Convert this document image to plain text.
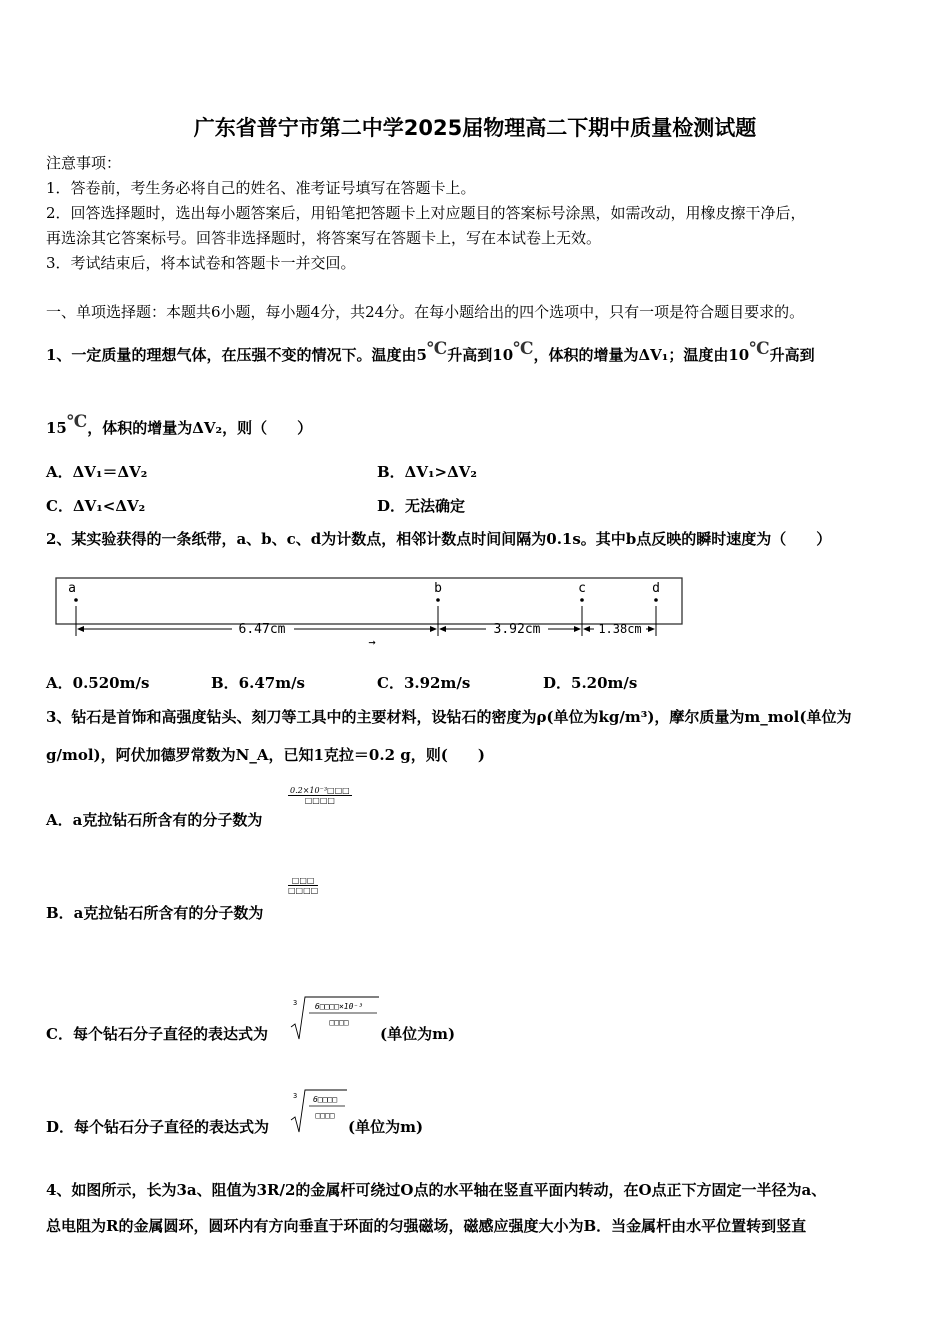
广东省普宁市第二中学2025届物理高二下期中质量检测试题
注意事项：
1．答卷前，考生务必将自己的姓名、准考证号填写在答题卡上。
2．回答选择题时，选出每小题答案后，用铅笔把答题卡上对应题目的答案标号涂黑，如需改动，用橡皮擦干净后，
再选涂其它答案标号。回答非选择题时，将答案写在答题卡上，写在本试卷上无效。
3．考试结束后，将本试卷和答题卡一并交回。
一、单项选择题：本题共6小题，每小题4分，共24分。在每小题给出的四个选项中，只有一项是符合题目要求的。
1、一定质量的理想气体，在压强不变的情况下。温度由5℃升高到10℃，体积的增量为ΔV₁；温度由10℃升高到
15℃，体积的增量为ΔV₂，则（　　）
A．ΔV₁＝ΔV₂	B．ΔV₁>ΔV₂
C．ΔV₁<ΔV₂	D．无法确定
2、某实验获得的一条纸带，a、b、c、d为计数点，相邻计数点时间间隔为0.1s。其中b点反映的瞬时速度为（　　）
a	b	c	d
6.47cm	3.92cm	1.38cm
→
A．0.520m/s	B．6.47m/s	C．3.92m/s	D．5.20m/s
3、钻石是首饰和高强度钻头、刻刀等工具中的主要材料，设钻石的密度为ρ(单位为kg/m³)，摩尔质量为m_mol(单位为
g/mol)，阿伏加德罗常数为N_A，已知1克拉＝0.2 g，则(　　)
A．a克拉钻石所含有的分子数为
0.2×10⁻³□□□
□□□□
B．a克拉钻石所含有的分子数为
□□□
□□□□
C．每个钻石分子直径的表达式为
3 6□□□□×10⁻³
□□□□
(单位为m)
D．每个钻石分子直径的表达式为
3 6□□□□
□□□□
(单位为m)
4、如图所示，长为3a、阻值为3R/2的金属杆可绕过O点的水平轴在竖直平面内转动，在O点正下方固定一半径为a、
总电阻为R的金属圆环，圆环内有方向垂直于环面的匀强磁场，磁感应强度大小为B．当金属杆由水平位置转到竖直
